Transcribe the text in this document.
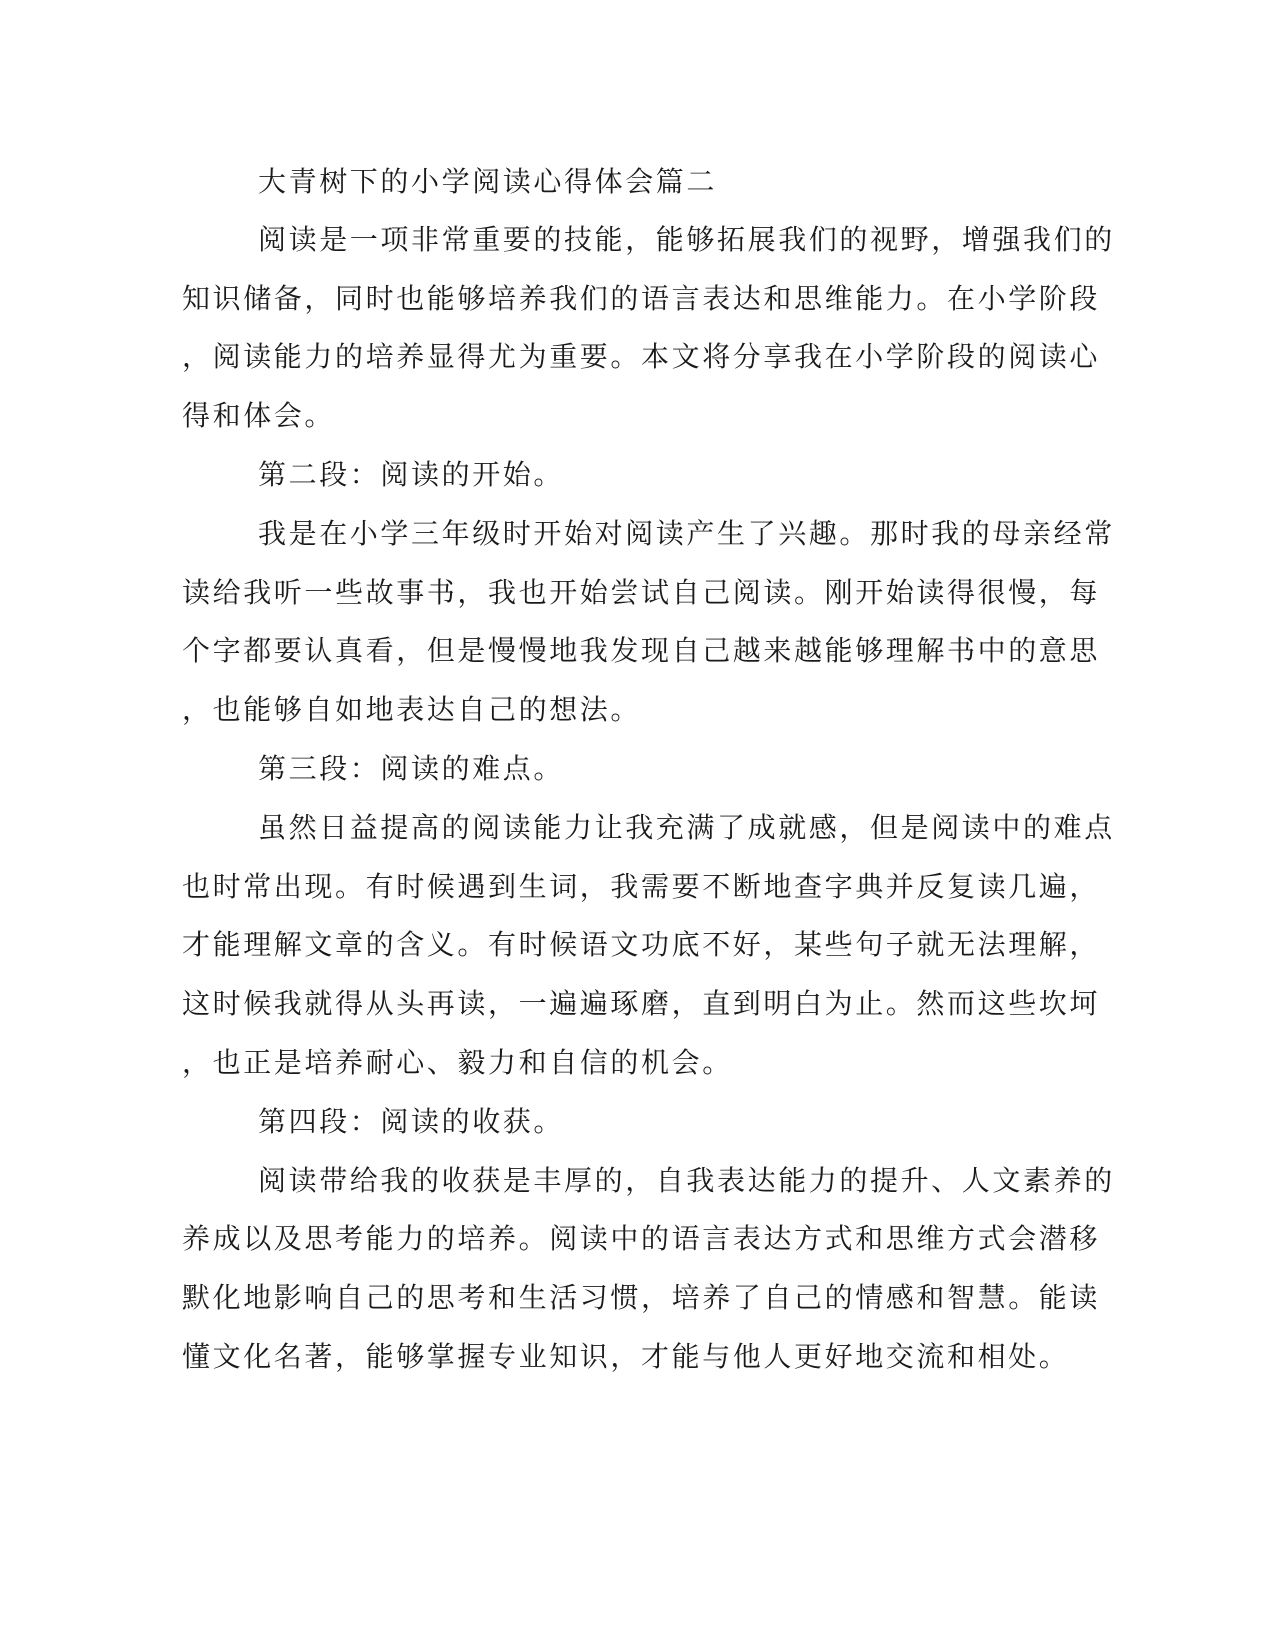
大青树下的小学阅读心得体会篇二
阅读是一项非常重要的技能，能够拓展我们的视野，增强我们的
知识储备，同时也能够培养我们的语言表达和思维能力。在小学阶段
，阅读能力的培养显得尤为重要。本文将分享我在小学阶段的阅读心
得和体会。
第二段：阅读的开始。
我是在小学三年级时开始对阅读产生了兴趣。那时我的母亲经常
读给我听一些故事书，我也开始尝试自己阅读。刚开始读得很慢，每
个字都要认真看，但是慢慢地我发现自己越来越能够理解书中的意思
，也能够自如地表达自己的想法。
第三段：阅读的难点。
虽然日益提高的阅读能力让我充满了成就感，但是阅读中的难点
也时常出现。有时候遇到生词，我需要不断地查字典并反复读几遍，
才能理解文章的含义。有时候语文功底不好，某些句子就无法理解，
这时候我就得从头再读，一遍遍琢磨，直到明白为止。然而这些坎坷
，也正是培养耐心、毅力和自信的机会。
第四段：阅读的收获。
阅读带给我的收获是丰厚的，自我表达能力的提升、人文素养的
养成以及思考能力的培养。阅读中的语言表达方式和思维方式会潜移
默化地影响自己的思考和生活习惯，培养了自己的情感和智慧。能读
懂文化名著，能够掌握专业知识，才能与他人更好地交流和相处。
